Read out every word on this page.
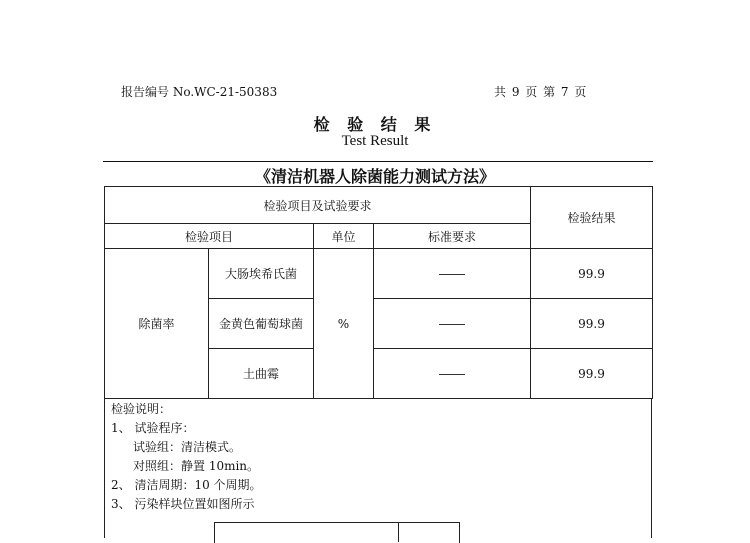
报告编号 No.WC-21-50383	共 9 页 第 7 页
检 验 结 果
Test Result
《清洁机器人除菌能力测试方法》
检验项目及试验要求				检验结果
检验项目		单位	标准要求	
除菌率	大肠埃希氏菌	%		99.9
	金黄色葡萄球菌			99.9
	土曲霉			99.9
检验说明：
1、 试验程序：
试验组：清洁模式。
对照组：静置 10min。
2、 清洁周期：10 个周期。
3、 污染样块位置如图所示
